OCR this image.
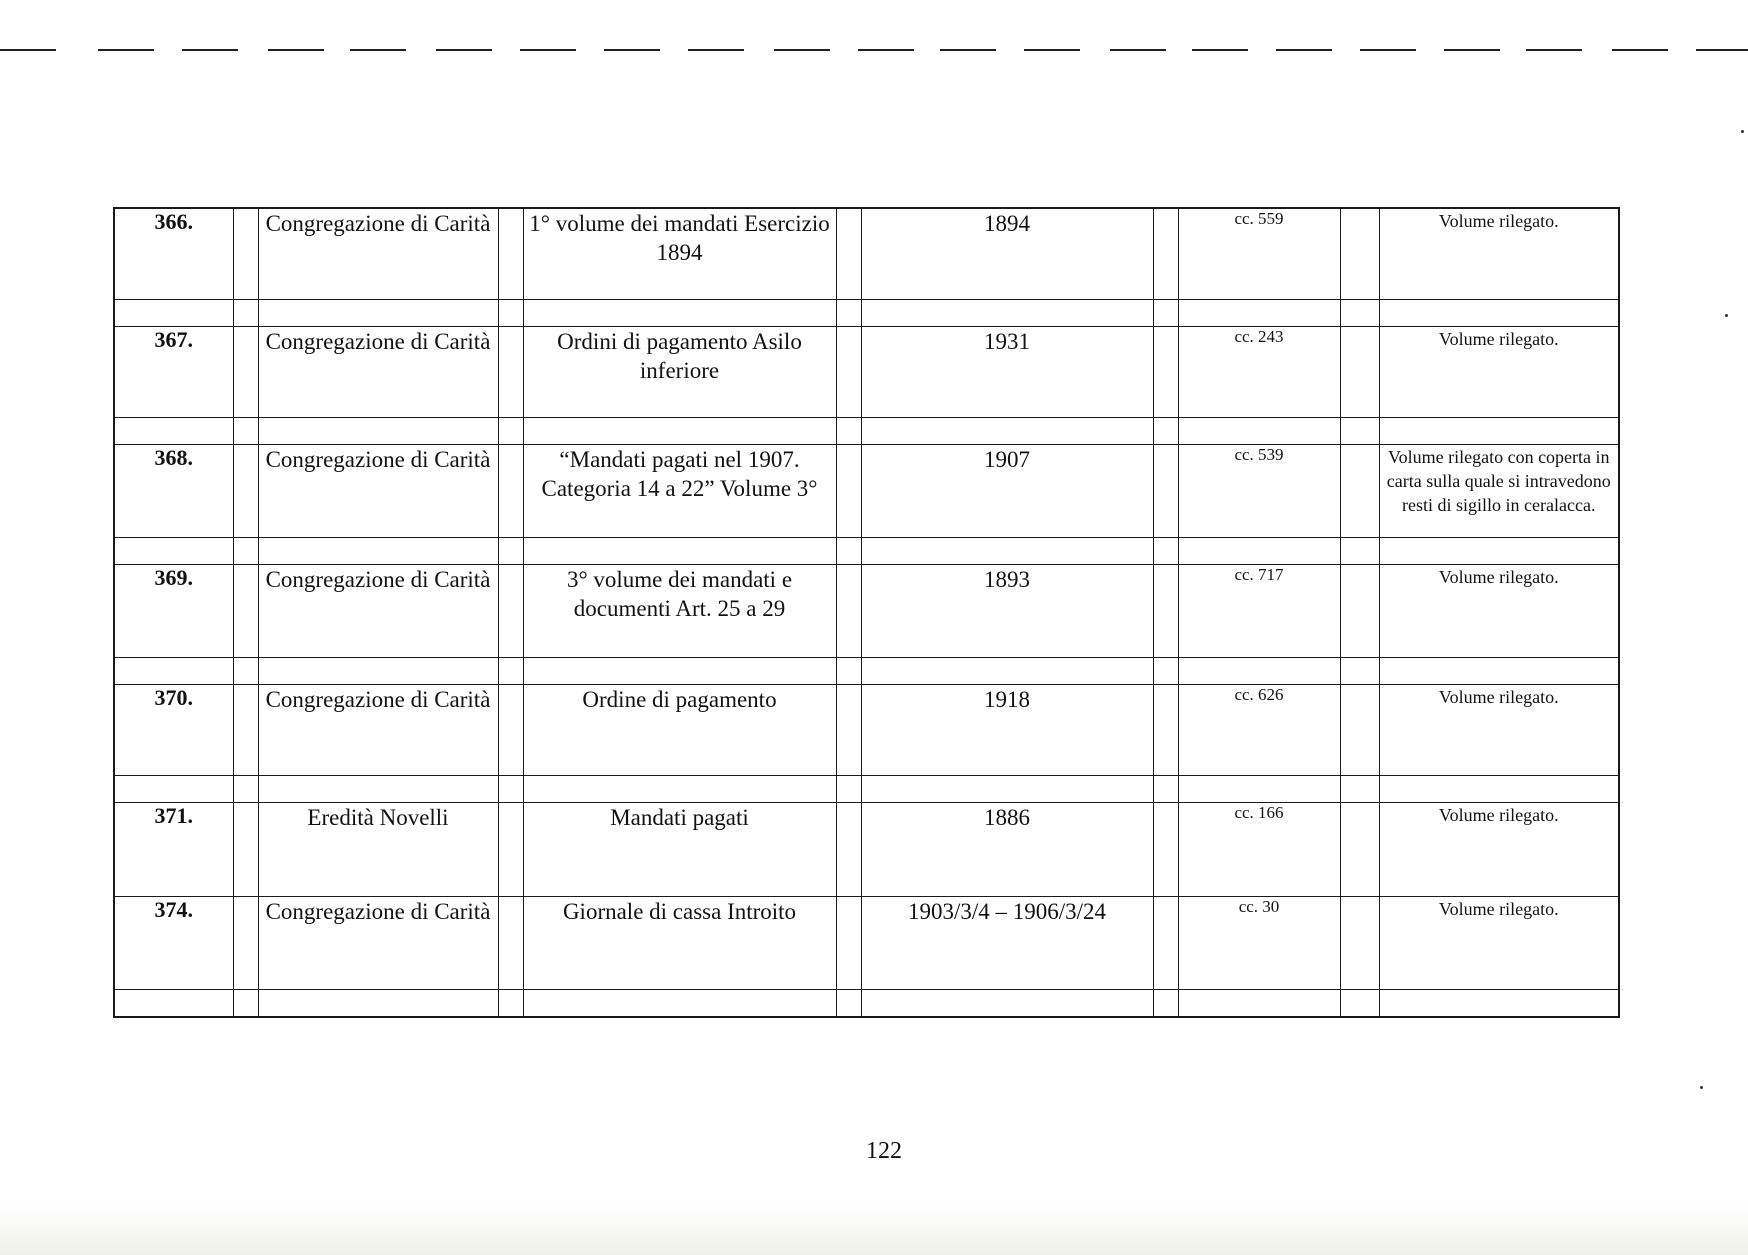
366.		Congregazione di Carità		1° volume dei mandati Esercizio 1894		1894		cc. 559		Volume rilegato.

367.		Congregazione di Carità		Ordini di pagamento Asilo inferiore		1931		cc. 243		Volume rilegato.

368.		Congregazione di Carità		“Mandati pagati nel 1907. Categoria 14 a 22” Volume 3°		1907		cc. 539		Volume rilegato con coperta in carta sulla quale si intravedono resti di sigillo in ceralacca.

369.		Congregazione di Carità		3° volume dei mandati e documenti Art. 25 a 29		1893		cc. 717		Volume rilegato.

370.		Congregazione di Carità		Ordine di pagamento		1918		cc. 626		Volume rilegato.

371.		Eredità Novelli		Mandati pagati		1886		cc. 166		Volume rilegato.
374.		Congregazione di Carità		Giornale di cassa Introito		1903/3/4 – 1906/3/24		cc. 30		Volume rilegato.

122
